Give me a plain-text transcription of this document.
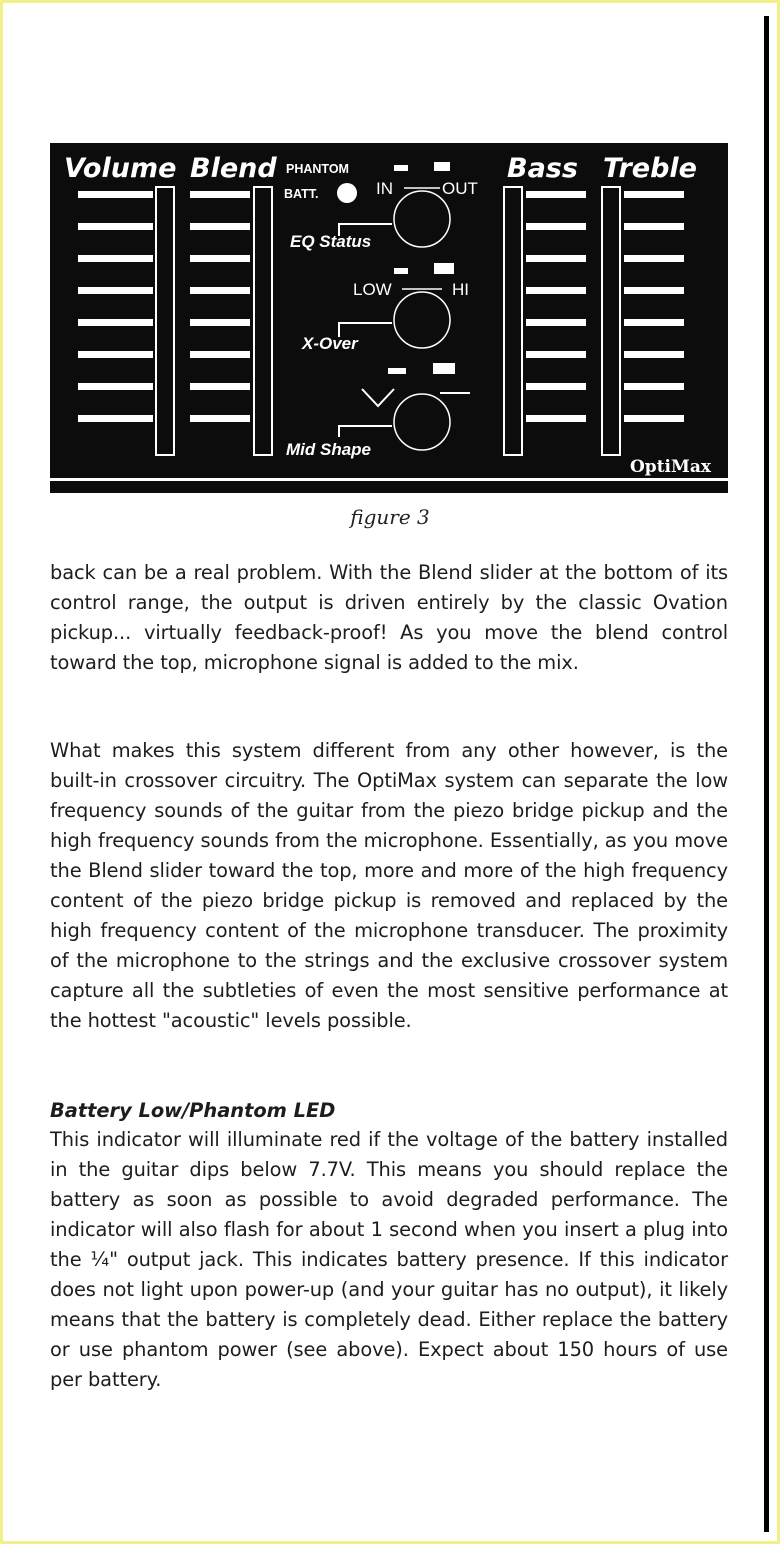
Volume Blend	Bass Treble
PHANTOM
BATT.	IN	OUT
EQ Status
LOW	HI
X-Over
Mid Shape
OptiMax
figure 3

back can be a real problem. With the Blend slider at the bottom of its control range, the output is driven entirely by the classic Ovation pickup... virtually feedback-proof! As you move the blend control toward the top, microphone signal is added to the mix.

What makes this system different from any other however, is the built-in crossover circuitry. The OptiMax system can separate the low frequency sounds of the guitar from the piezo bridge pickup and the high frequency sounds from the microphone. Essentially, as you move the Blend slider toward the top, more and more of the high frequency content of the piezo bridge pickup is removed and replaced by the high frequency content of the microphone transducer. The proximity of the microphone to the strings and the exclusive crossover system capture all the subtleties of even the most sensitive performance at the hottest "acoustic" levels possible.

Battery Low/Phantom LED

This indicator will illuminate red if the voltage of the battery installed in the guitar dips below 7.7V. This means you should replace the battery as soon as possible to avoid degraded performance. The indicator will also flash for about 1 second when you insert a plug into the ¼" output jack. This indicates battery presence. If this indicator does not light upon power-up (and your guitar has no output), it likely means that the battery is completely dead. Either replace the battery or use phantom power (see above). Expect about 150 hours of use per battery.
